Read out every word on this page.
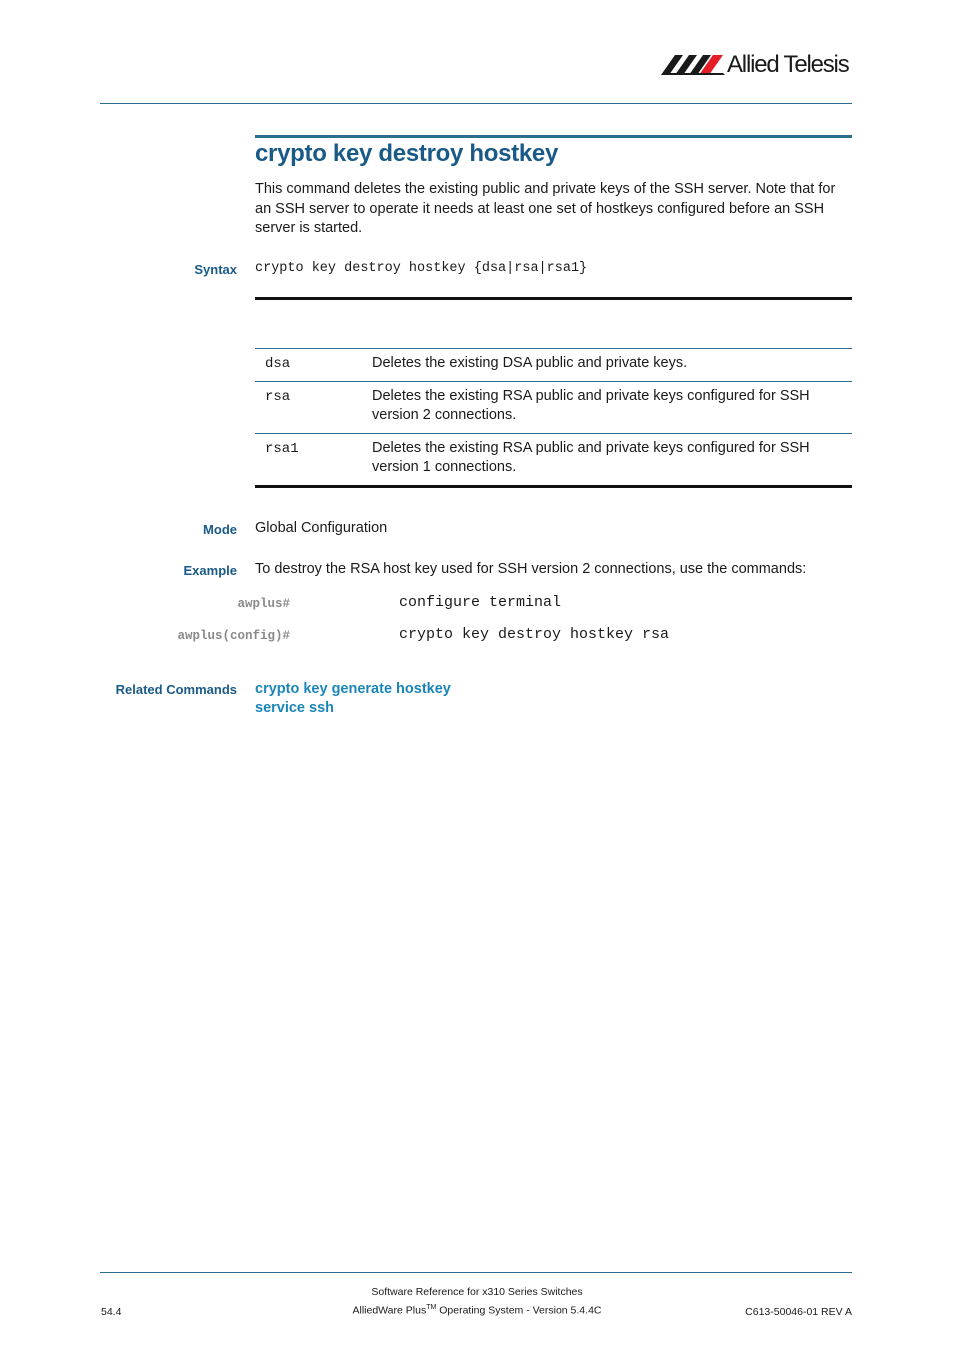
Allied Telesis
crypto key destroy hostkey

This command deletes the existing public and private keys of the SSH server. Note that for an SSH server to operate it needs at least one set of hostkeys configured before an SSH server is started.

Syntax crypto key destroy hostkey {dsa|rsa|rsa1}
dsa	Deletes the existing DSA public and private keys.
rsa	Deletes the existing RSA public and private keys configured for SSH version 2 connections.
rsa1	Deletes the existing RSA public and private keys configured for SSH version 1 connections.
Mode Global Configuration
Example To destroy the RSA host key used for SSH version 2 connections, use the commands:
awplus#	configure terminal
awplus(config)#	crypto key destroy hostkey rsa
Related Commands crypto key generate hostkey
service ssh
Software Reference for x310 Series Switches
AlliedWare Plus™ Operating System - Version 5.4.4C
54.4	C613-50046-01 REV A
